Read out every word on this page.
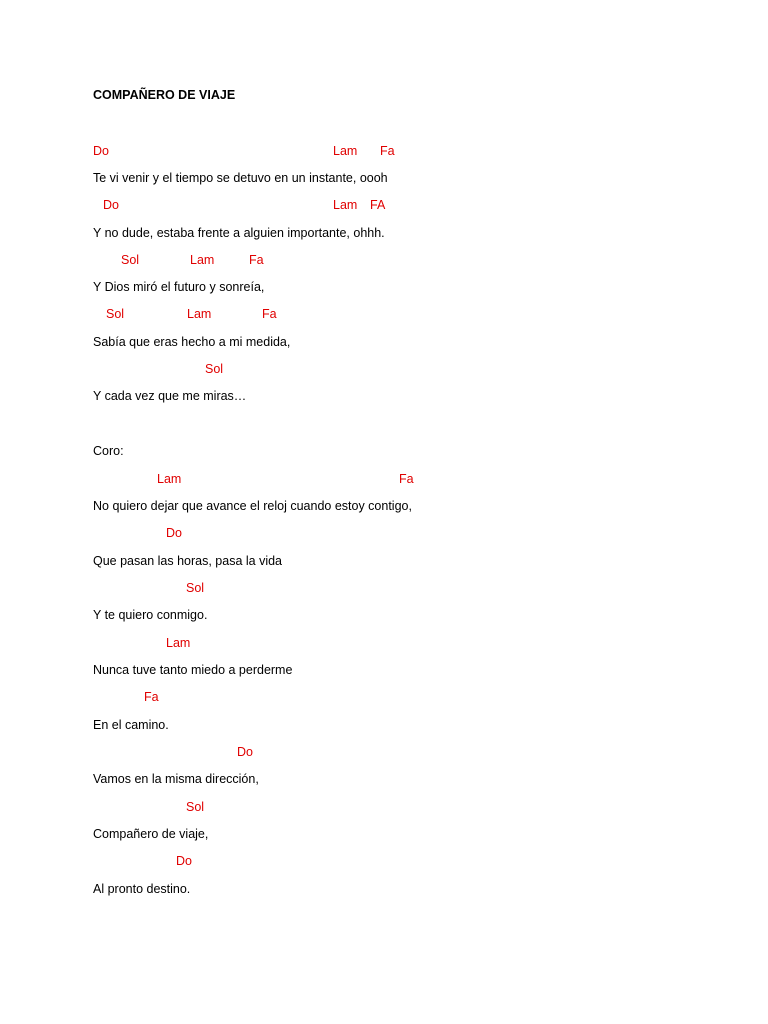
COMPAÑERO DE VIAJE
Do	Lam Fa
Te vi venir y el tiempo se detuvo en un instante, oooh
Do	Lam FA
Y no dude, estaba frente a alguien importante, ohhh.
Sol	Lam	Fa
Y Dios miró el futuro y sonreía,
Sol	Lam	Fa
Sabía que eras hecho a mi medida,
Sol
Y cada vez que me miras…
Coro:
Lam	Fa
No quiero dejar que avance el reloj cuando estoy contigo,
Do
Que pasan las horas, pasa la vida
Sol
Y te quiero conmigo.
Lam
Nunca tuve tanto miedo a perderme
Fa
En el camino.
Do
Vamos en la misma dirección,
Sol
Compañero de viaje,
Do
Al pronto destino.
